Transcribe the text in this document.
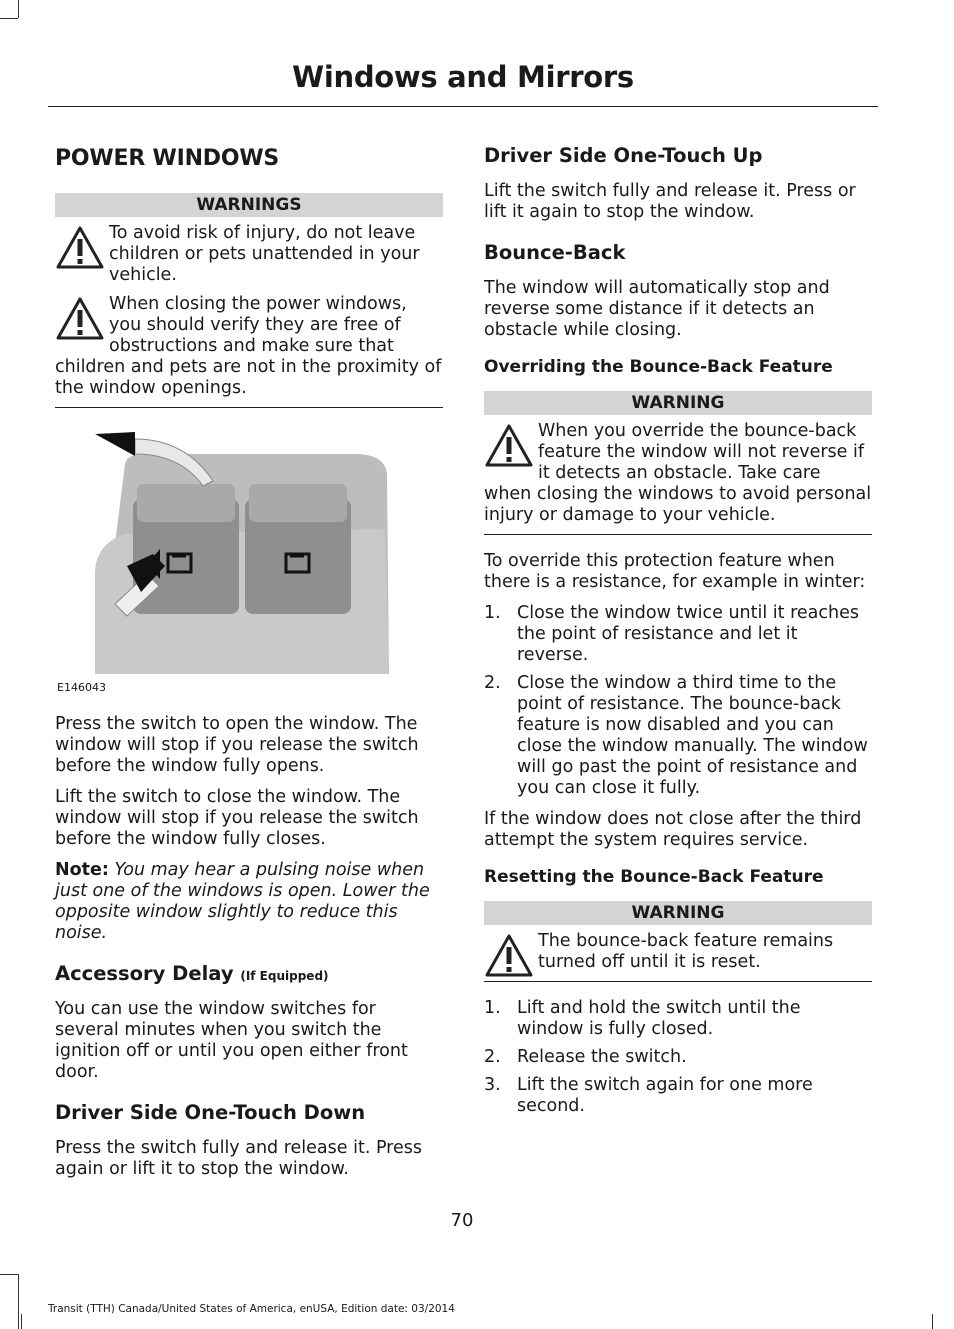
Windows and Mirrors
POWER WINDOWS
WARNINGS
To avoid risk of injury, do not leave children or pets unattended in your vehicle.
When closing the power windows, you should verify they are free of obstructions and make sure that children and pets are not in the proximity of the window openings.
E146043

Press the switch to open the window. The window will stop if you release the switch before the window fully opens.

Lift the switch to close the window. The window will stop if you release the switch before the window fully closes.

Note: You may hear a pulsing noise when just one of the windows is open. Lower the opposite window slightly to reduce this noise.

Accessory Delay (If Equipped)

You can use the window switches for several minutes when you switch the ignition off or until you open either front door.

Driver Side One-Touch Down

Press the switch fully and release it. Press again or lift it to stop the window.

Driver Side One-Touch Up

Lift the switch fully and release it. Press or lift it again to stop the window.

Bounce-Back

The window will automatically stop and reverse some distance if it detects an obstacle while closing.

Overriding the Bounce-Back Feature
WARNING
When you override the bounce-back feature the window will not reverse if it detects an obstacle. Take care when closing the windows to avoid personal injury or damage to your vehicle.

To override this protection feature when there is a resistance, for example in winter:

1. Close the window twice until it reaches the point of resistance and let it reverse.
2. Close the window a third time to the point of resistance. The bounce-back feature is now disabled and you can close the window manually. The window will go past the point of resistance and you can close it fully.

If the window does not close after the third attempt the system requires service.

Resetting the Bounce-Back Feature
WARNING
The bounce-back feature remains turned off until it is reset.
1. Lift and hold the switch until the window is fully closed.
2. Release the switch.
3. Lift the switch again for one more second.
70
Transit (TTH) Canada/United States of America, enUSA, Edition date: 03/2014
